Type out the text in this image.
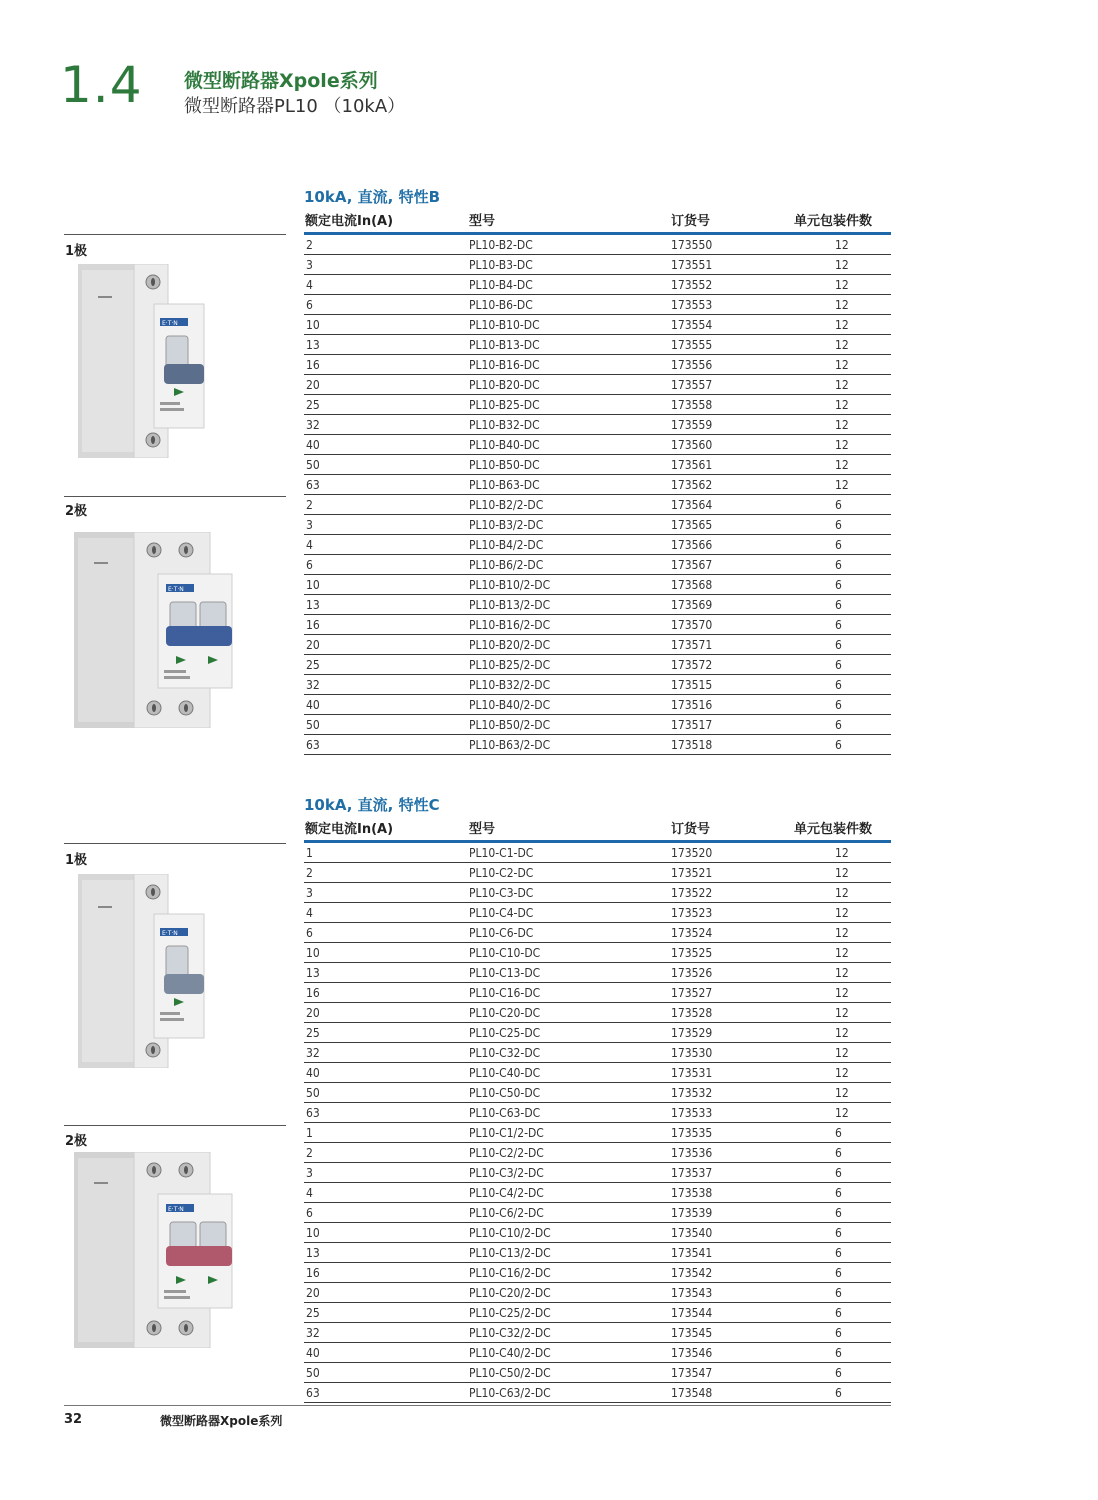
1.4 微型断路器Xpole系列
微型断路器PL10 （10kA）
10kA, 直流, 特性B
额定电流In(A)	型号	订货号	单元包装件数
1极
2极
2	PL10-B2-DC	173550	12
3	PL10-B3-DC	173551	12
4	PL10-B4-DC	173552	12
6	PL10-B6-DC	173553	12
10	PL10-B10-DC	173554	12
13	PL10-B13-DC	173555	12
16	PL10-B16-DC	173556	12
20	PL10-B20-DC	173557	12
25	PL10-B25-DC	173558	12
32	PL10-B32-DC	173559	12
40	PL10-B40-DC	173560	12
50	PL10-B50-DC	173561	12
63	PL10-B63-DC	173562	12
2	PL10-B2/2-DC	173564	6
3	PL10-B3/2-DC	173565	6
4	PL10-B4/2-DC	173566	6
6	PL10-B6/2-DC	173567	6
10	PL10-B10/2-DC	173568	6
13	PL10-B13/2-DC	173569	6
16	PL10-B16/2-DC	173570	6
20	PL10-B20/2-DC	173571	6
25	PL10-B25/2-DC	173572	6
32	PL10-B32/2-DC	173515	6
40	PL10-B40/2-DC	173516	6
50	PL10-B50/2-DC	173517	6
63	PL10-B63/2-DC	173518	6
10kA, 直流, 特性C
额定电流In(A)	型号	订货号	单元包装件数
1极
2极
1	PL10-C1-DC	173520	12
2	PL10-C2-DC	173521	12
3	PL10-C3-DC	173522	12
4	PL10-C4-DC	173523	12
6	PL10-C6-DC	173524	12
10	PL10-C10-DC	173525	12
13	PL10-C13-DC	173526	12
16	PL10-C16-DC	173527	12
20	PL10-C20-DC	173528	12
25	PL10-C25-DC	173529	12
32	PL10-C32-DC	173530	12
40	PL10-C40-DC	173531	12
50	PL10-C50-DC	173532	12
63	PL10-C63-DC	173533	12
1	PL10-C1/2-DC	173535	6
2	PL10-C2/2-DC	173536	6
3	PL10-C3/2-DC	173537	6
4	PL10-C4/2-DC	173538	6
6	PL10-C6/2-DC	173539	6
10	PL10-C10/2-DC	173540	6
13	PL10-C13/2-DC	173541	6
16	PL10-C16/2-DC	173542	6
20	PL10-C20/2-DC	173543	6
25	PL10-C25/2-DC	173544	6
32	PL10-C32/2-DC	173545	6
40	PL10-C40/2-DC	173546	6
50	PL10-C50/2-DC	173547	6
63	PL10-C63/2-DC	173548	6
E·T·N
E·T·N
E·T·N
E·T·N
32	微型断路器Xpole系列
